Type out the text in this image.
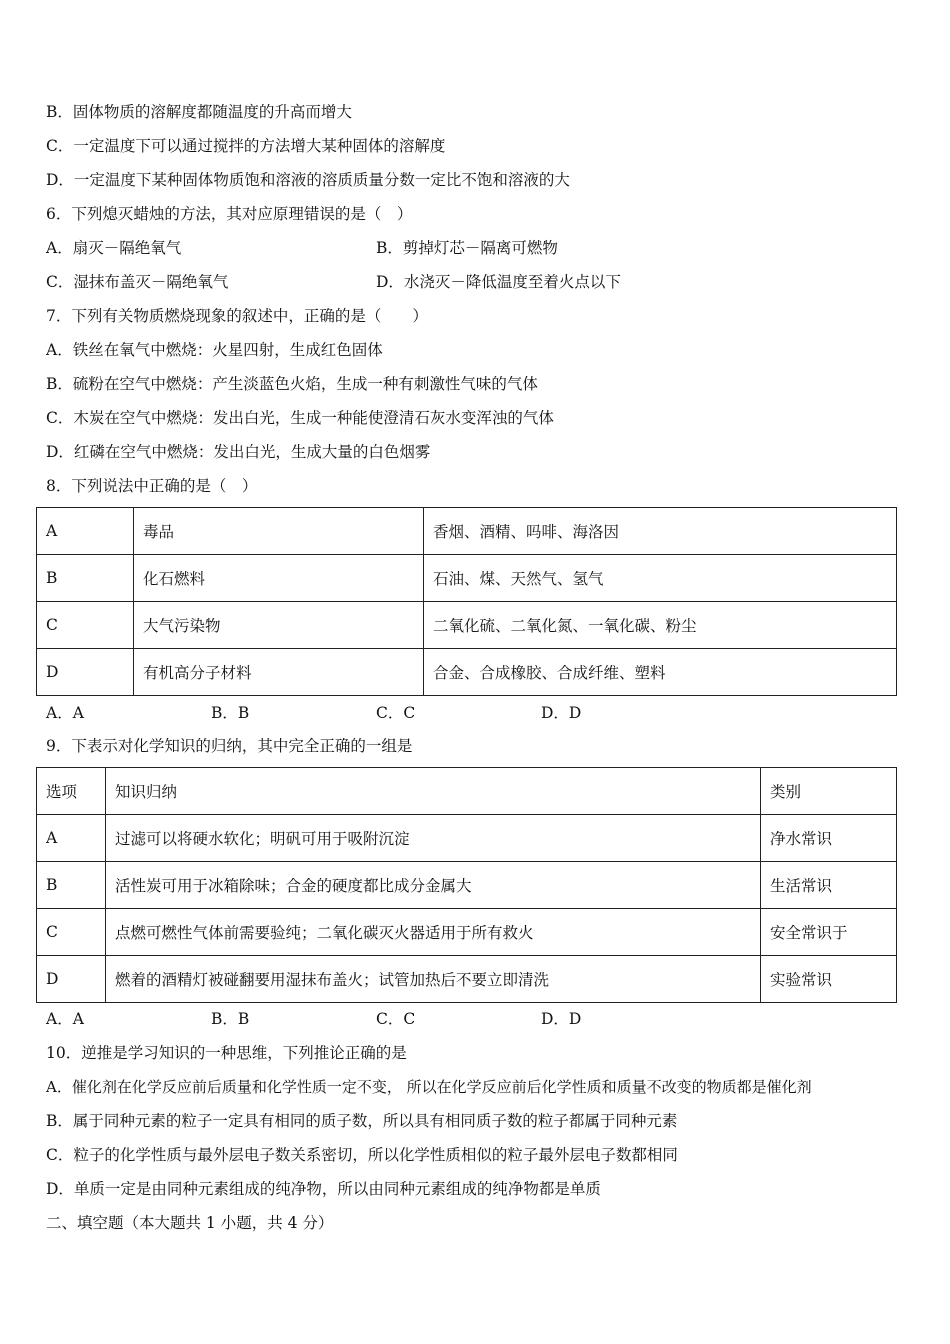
B．固体物质的溶解度都随温度的升高而增大
C．一定温度下可以通过搅拌的方法增大某种固体的溶解度
D．一定温度下某种固体物质饱和溶液的溶质质量分数一定比不饱和溶液的大
6．下列熄灭蜡烛的方法，其对应原理错误的是（　）
A．扇灭－隔绝氧气	B．剪掉灯芯－隔离可燃物
C．湿抹布盖灭－隔绝氧气	D．水浇灭－降低温度至着火点以下
7．下列有关物质燃烧现象的叙述中，正确的是（　　）
A．铁丝在氧气中燃烧：火星四射，生成红色固体
B．硫粉在空气中燃烧：产生淡蓝色火焰，生成一种有刺激性气味的气体
C．木炭在空气中燃烧：发出白光，生成一种能使澄清石灰水变浑浊的气体
D．红磷在空气中燃烧：发出白光，生成大量的白色烟雾
8．下列说法中正确的是（　）
A	毒品	香烟、酒精、吗啡、海洛因
B	化石燃料	石油、煤、天然气、氢气
C	大气污染物	二氧化硫、二氧化氮、一氧化碳、粉尘
D	有机高分子材料	合金、合成橡胶、合成纤维、塑料
A．A	B．B	C．C	D．D
9．下表示对化学知识的归纳，其中完全正确的一组是
选项	知识归纳	类别
A	过滤可以将硬水软化；明矾可用于吸附沉淀	净水常识
B	活性炭可用于冰箱除味；合金的硬度都比成分金属大	生活常识
C	点燃可燃性气体前需要验纯；二氧化碳灭火器适用于所有救火	安全常识于
D	燃着的酒精灯被碰翻要用湿抹布盖火；试管加热后不要立即清洗	实验常识
A．A	B．B	C．C	D．D
10．逆推是学习知识的一种思维，下列推论正确的是
A．催化剂在化学反应前后质量和化学性质一定不变， 所以在化学反应前后化学性质和质量不改变的物质都是催化剂
B．属于同种元素的粒子一定具有相同的质子数，所以具有相同质子数的粒子都属于同种元素
C．粒子的化学性质与最外层电子数关系密切，所以化学性质相似的粒子最外层电子数都相同
D．单质一定是由同种元素组成的纯净物，所以由同种元素组成的纯净物都是单质
二、填空题（本大题共 1 小题，共 4 分）
